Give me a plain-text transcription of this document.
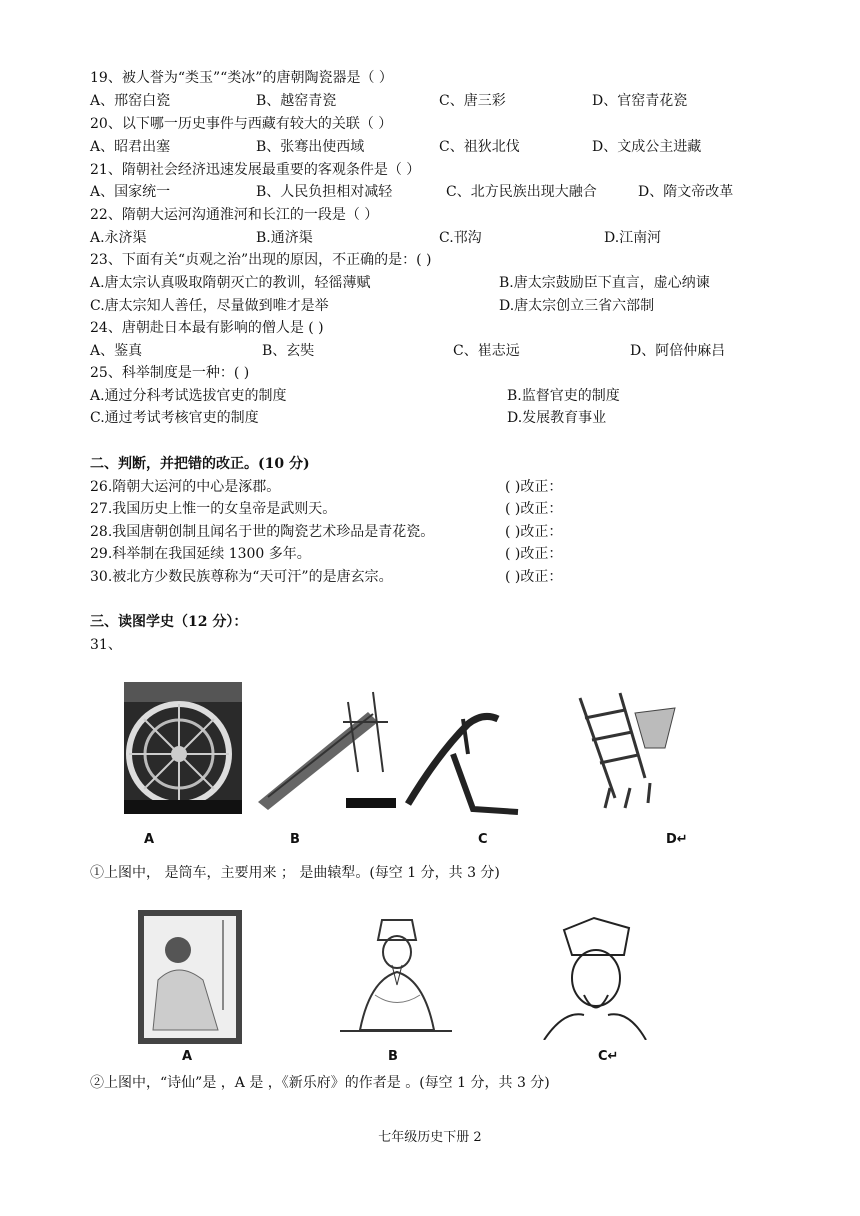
19、被人誉为“类玉”“类冰”的唐朝陶瓷器是（ ）
A、邢窑白瓷	B、越窑青瓷	C、唐三彩	D、官窑青花瓷
20、以下哪一历史事件与西藏有较大的关联（ ）
A、昭君出塞	B、张骞出使西域	C、祖狄北伐	D、文成公主进藏
21、隋朝社会经济迅速发展最重要的客观条件是（ ）
A、国家统一	B、人民负担相对减轻	C、北方民族出现大融合	D、隋文帝改革
22、隋朝大运河沟通淮河和长江的一段是（ ）
A.永济渠	B.通济渠	C.邗沟	D.江南河
23、下面有关“贞观之治”出现的原因，不正确的是：( )
A.唐太宗认真吸取隋朝灭亡的教训，轻徭薄赋	B.唐太宗鼓励臣下直言，虚心纳谏
C.唐太宗知人善任，尽量做到唯才是举	D.唐太宗创立三省六部制
24、唐朝赴日本最有影响的僧人是 ( )
A、鉴真	B、玄奘	C、崔志远	D、阿倍仲麻吕
25、科举制度是一种：( )
A.通过分科考试选拔官吏的制度	B.监督官吏的制度
C.通过考试考核官吏的制度	D.发展教育事业
二、判断，并把错的改正。(10 分)
26.隋朝大运河的中心是涿郡。	( )改正：
27.我国历史上惟一的女皇帝是武则天。	( )改正：
28.我国唐朝创制且闻名于世的陶瓷艺术珍品是青花瓷。	( )改正：
29.科举制在我国延续 1300 多年。	( )改正：
30.被北方少数民族尊称为“天可汗”的是唐玄宗。	( )改正：
三、读图学史（12 分）：
31、
A	B	C	D↵
①上图中， 是筒车，主要用来 ； 是曲辕犁。(每空 1 分，共 3 分)
A	B	C↵
②上图中，“诗仙”是 ，A 是 ，《新乐府》的作者是 。(每空 1 分，共 3 分)
七年级历史下册 2
